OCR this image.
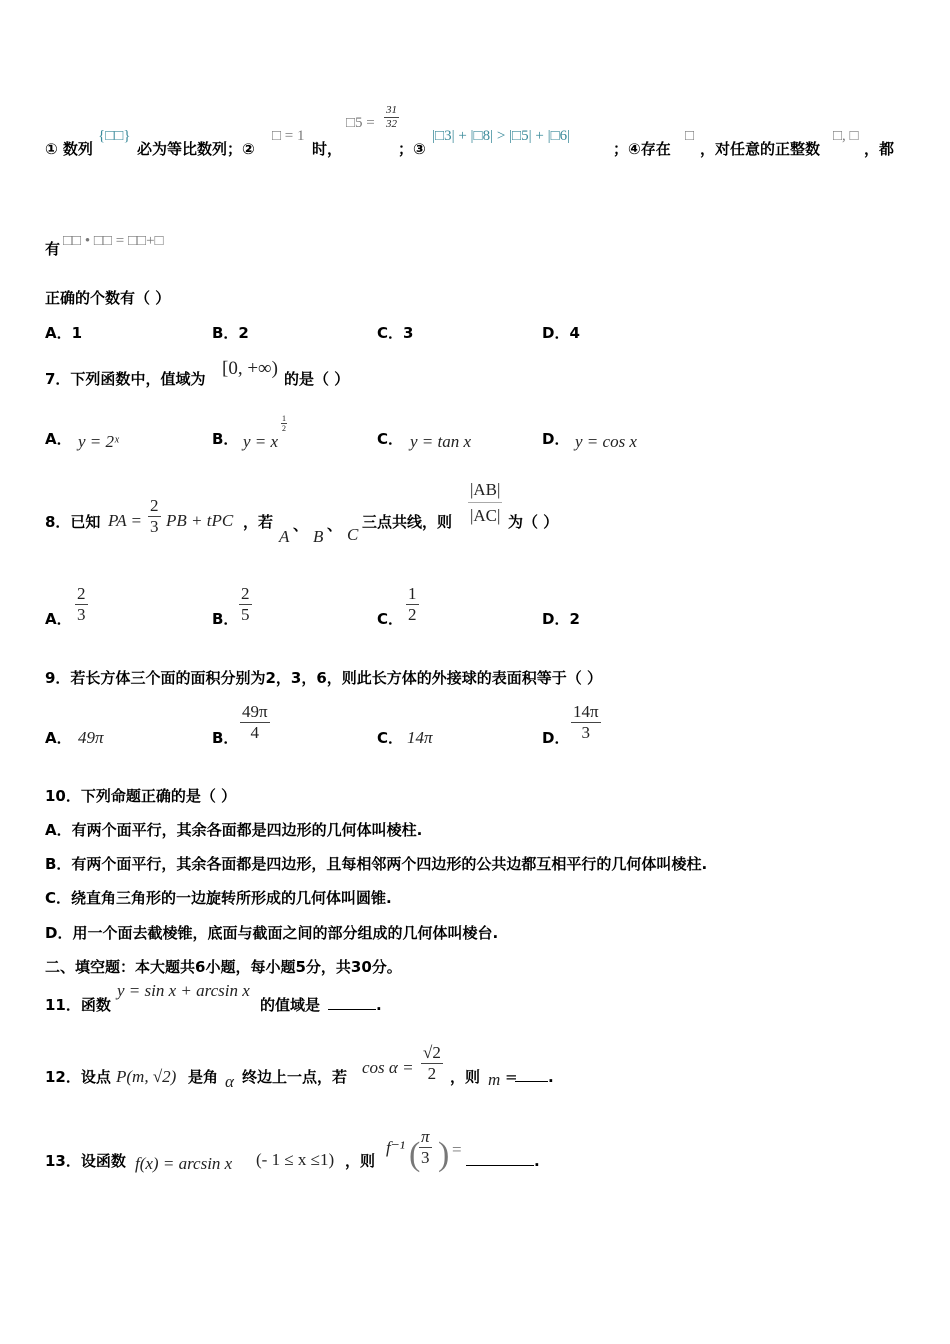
① 数列
{□□}
必为等比数列；②
□ = 1
时，
□5 = $\frac{31}{32}$
；③
|□3| + |□8| > |□5| + |□6|
；④存在
□
，对任意的正整数
□, □
，都
有 □□ • □□ = □□+□
正确的个数有（ ）
A．1	B．2	C．3	D．4
7．下列函数中，值域为 [0, +∞) 的是（ ）
A． y = 2ˣ	B． y = x
$\frac{1}{2}$
C． y = tan x	D． y = cos x
8．已知 PA = $\frac{2}{3}$ PB + tPC ，若
A
、
B
、 C
三点共线，则 $\frac{|AB|}{|AC|}$ 为（ ）
A． $\frac{2}{3}$	B． $\frac{2}{5}$	C． $\frac{1}{2}$	D．2
9．若长方体三个面的面积分别为2，3，6，则此长方体的外接球的表面积等于（ ）
A． 49π	B． $\frac{49\pi}{4}$	C． 14π	D． $\frac{14\pi}{3}$
10．下列命题正确的是（ ）
A．有两个面平行，其余各面都是四边形的几何体叫棱柱.
B．有两个面平行，其余各面都是四边形，且每相邻两个四边形的公共边都互相平行的几何体叫棱柱.
C．绕直角三角形的一边旋转所形成的几何体叫圆锥.
D．用一个面去截棱锥，底面与截面之间的部分组成的几何体叫棱台.
二、填空题：本大题共6小题，每小题5分，共30分。
11．函数
y = sin x + arcsin x
的值域是	.
12．设点 P(m, √2) 是角 α 终边上一点，若 $\cos \alpha = \frac{√2}{2}$ ，则 m =	.
13．设函数 f(x) = arcsin x (- 1 ≤ x ≤1) ，则
f⁻¹ (
$\frac{\pi}{3}$ ) =
.
